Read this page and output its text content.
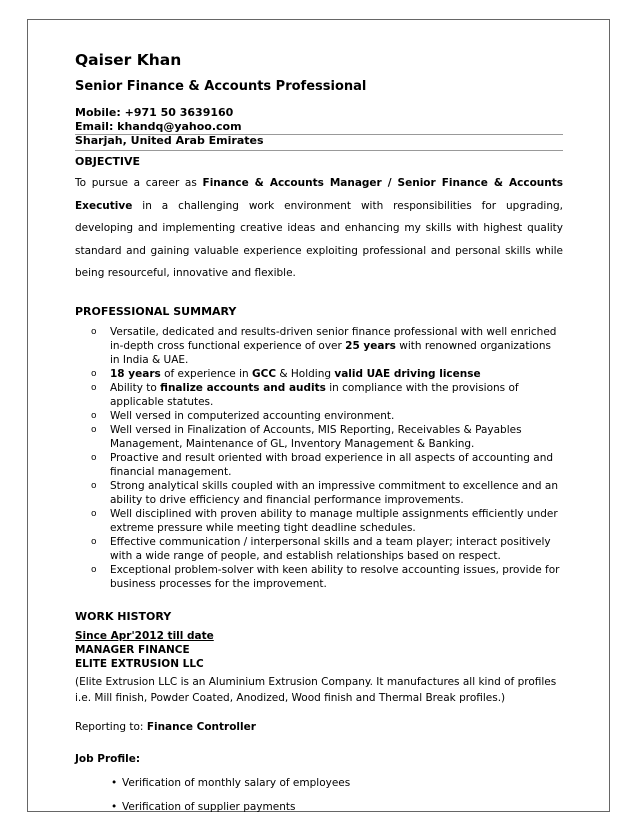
Qaiser Khan
Senior Finance & Accounts Professional
Mobile: +971 50 3639160
Email: khandq@yahoo.com
Sharjah, United Arab Emirates
OBJECTIVE
To pursue a career as Finance & Accounts Manager / Senior Finance & Accounts Executive in a challenging work environment with responsibilities for upgrading, developing and implementing creative ideas and enhancing my skills with highest quality standard and gaining valuable experience exploiting professional and personal skills while being resourceful, innovative and flexible.
PROFESSIONAL SUMMARY
o Versatile, dedicated and results-driven senior finance professional with well enriched in-depth cross functional experience of over 25 years with renowned organizations in India & UAE.
o 18 years of experience in GCC & Holding valid UAE driving license
o Ability to finalize accounts and audits in compliance with the provisions of applicable statutes.
o Well versed in computerized accounting environment.
o Well versed in Finalization of Accounts, MIS Reporting, Receivables & Payables Management, Maintenance of GL, Inventory Management & Banking.
o Proactive and result oriented with broad experience in all aspects of accounting and financial management.
o Strong analytical skills coupled with an impressive commitment to excellence and an ability to drive efficiency and financial performance improvements.
o Well disciplined with proven ability to manage multiple assignments efficiently under extreme pressure while meeting tight deadline schedules.
o Effective communication / interpersonal skills and a team player; interact positively with a wide range of people, and establish relationships based on respect.
o Exceptional problem-solver with keen ability to resolve accounting issues, provide for business processes for the improvement.
WORK HISTORY
Since Apr'2012 till date
MANAGER FINANCE
ELITE EXTRUSION LLC
(Elite Extrusion LLC is an Aluminium Extrusion Company. It manufactures all kind of profiles i.e. Mill finish, Powder Coated, Anodized, Wood finish and Thermal Break profiles.)
Reporting to: Finance Controller
Job Profile:
• Verification of monthly salary of employees
• Verification of supplier payments
